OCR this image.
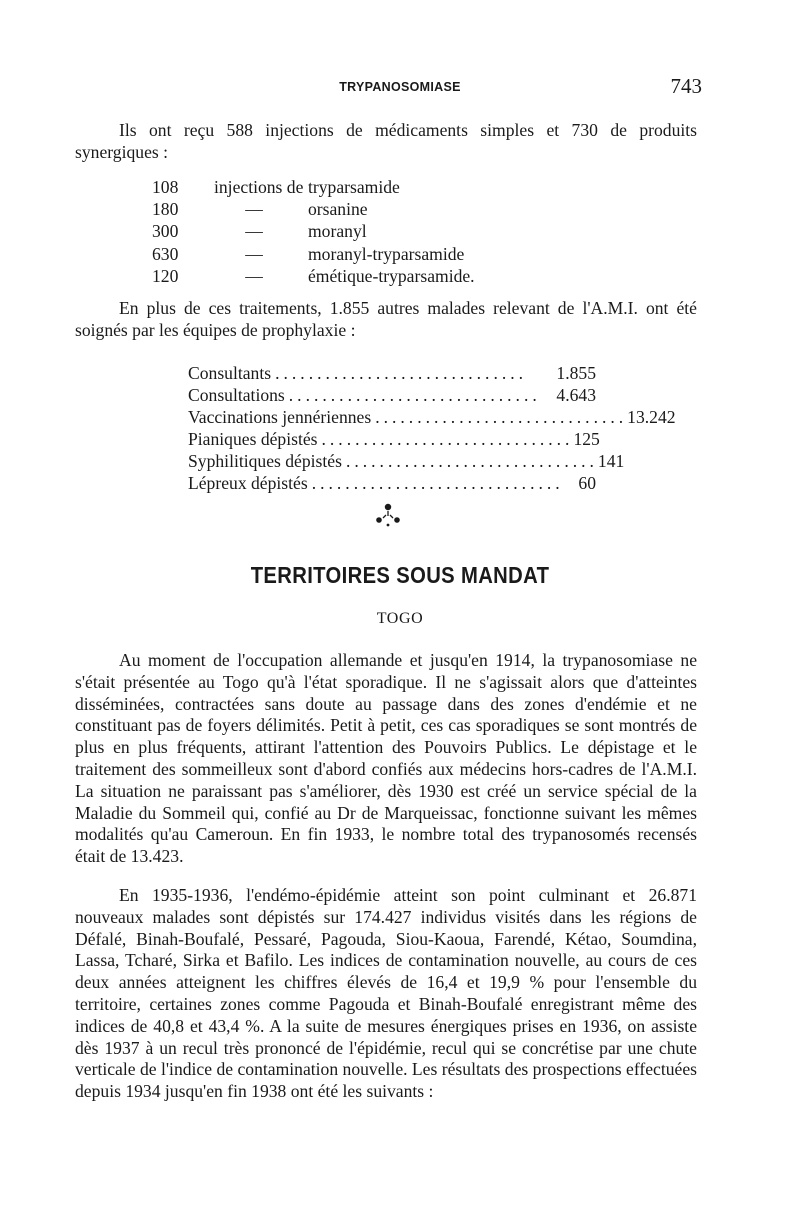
TRYPANOSOMIASE	743

Ils ont reçu 588 injections de médicaments simples et 730 de produits synergiques :

108	injections de tryparsamide
180	—	orsanine
300	—	moranyl
630	—	moranyl-tryparsamide
120	—	émétique-tryparsamide.

En plus de ces traitements, 1.855 autres malades relevant de l'A.M.I. ont été soignés par les équipes de prophylaxie :

Consultants ..............................	1.855
Consultations .............................. 4.643
Vaccinations jennériennes .............................. 13.242
Pianiques dépistés .............................. 125
Syphilitiques dépistés .............................. 141
Lépreux dépistés .............................. 60
TERRITOIRES SOUS MANDAT
TOGO

Au moment de l'occupation allemande et jusqu'en 1914, la trypanosomiase ne s'était présentée au Togo qu'à l'état sporadique. Il ne s'agissait alors que d'atteintes disséminées, contractées sans doute au passage dans des zones d'endémie et ne constituant pas de foyers délimités. Petit à petit, ces cas sporadiques se sont montrés de plus en plus fréquents, attirant l'attention des Pouvoirs Publics. Le dépistage et le traitement des sommeilleux sont d'abord confiés aux médecins hors-cadres de l'A.M.I. La situation ne paraissant pas s'améliorer, dès 1930 est créé un service spécial de la Maladie du Sommeil qui, confié au Dr de Marqueissac, fonctionne suivant les mêmes modalités qu'au Cameroun. En fin 1933, le nombre total des trypanosomés recensés était de 13.423.

En 1935-1936, l'endémo-épidémie atteint son point culminant et 26.871 nouveaux malades sont dépistés sur 174.427 individus visités dans les régions de Défalé, Binah-Boufalé, Pessaré, Pagouda, Siou-Kaoua, Farendé, Kétao, Soumdina, Lassa, Tcharé, Sirka et Bafilo. Les indices de contamination nouvelle, au cours de ces deux années atteignent les chiffres élevés de 16,4 et 19,9 % pour l'ensemble du territoire, certaines zones comme Pagouda et Binah-Boufalé enregistrant même des indices de 40,8 et 43,4 %. A la suite de mesures énergiques prises en 1936, on assiste dès 1937 à un recul très prononcé de l'épidémie, recul qui se concrétise par une chute verticale de l'indice de contamination nouvelle. Les résultats des prospections effectuées depuis 1934 jusqu'en fin 1938 ont été les suivants :
